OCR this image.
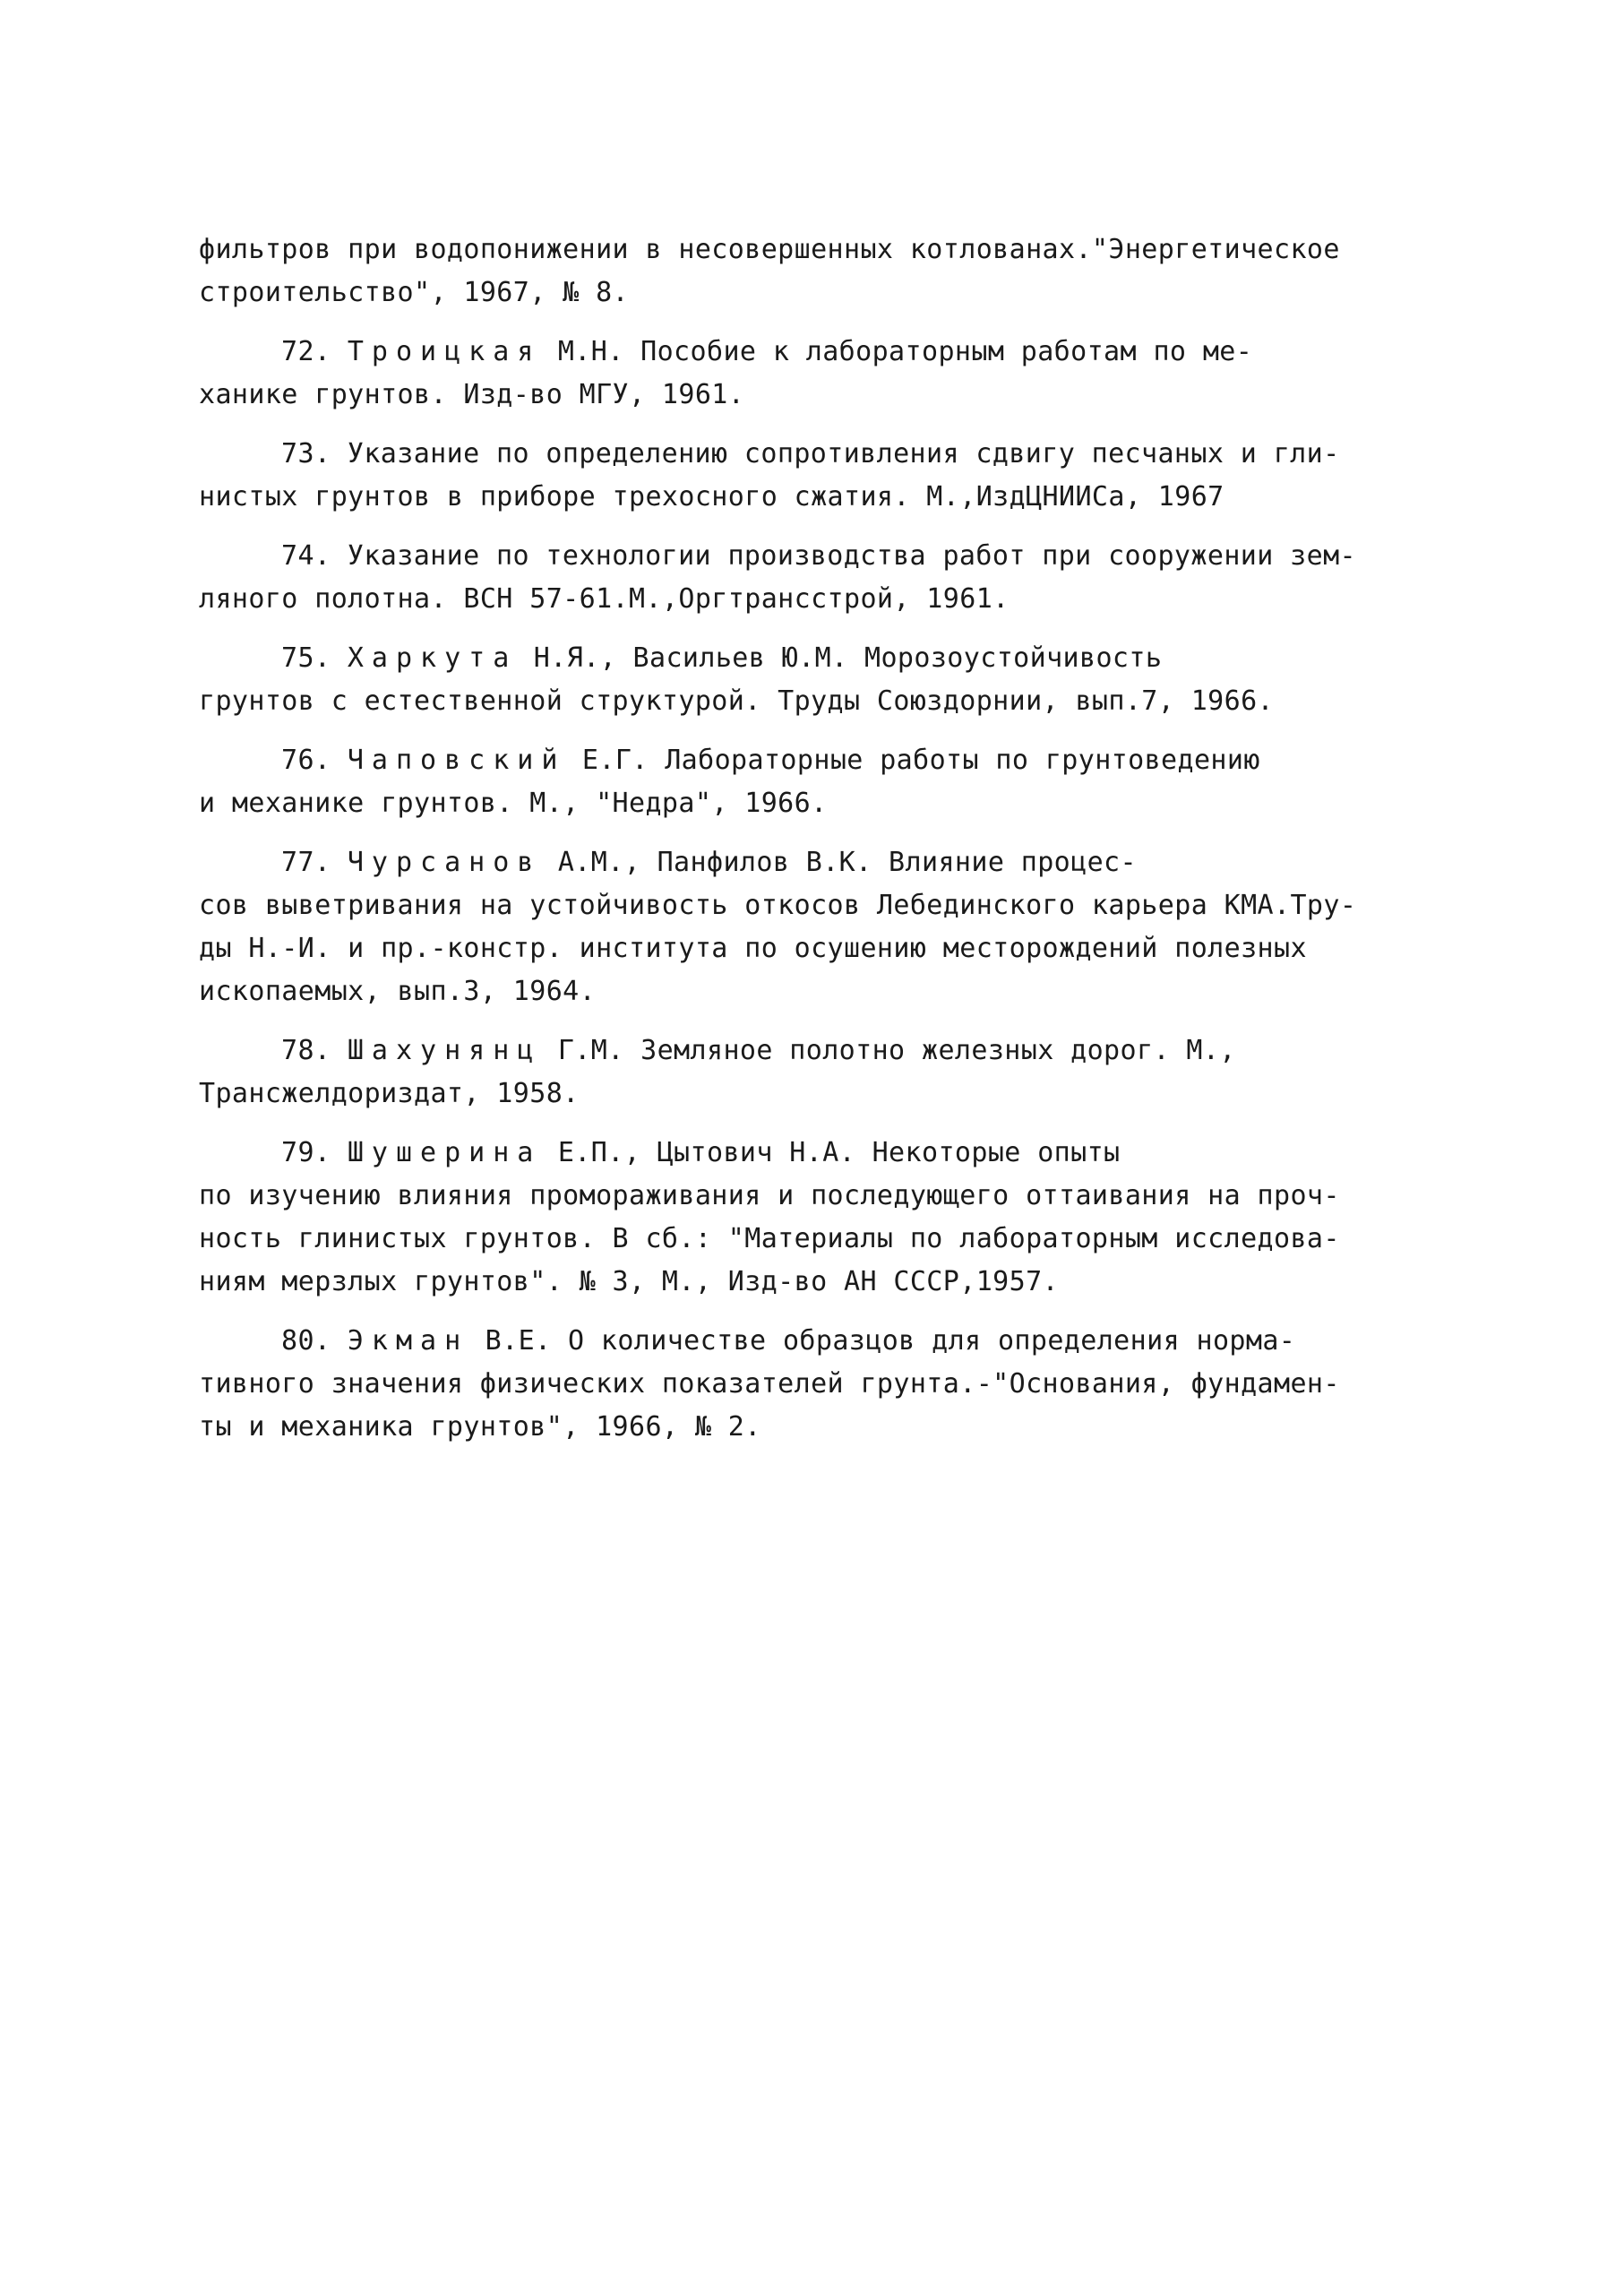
фильтров при водопонижении в несовершенных котлованах."Энергетическое
строительство", 1967, № 8.
72. Троицкая М.Н. Пособие к лабораторным работам по ме-
ханике грунтов. Изд-во МГУ, 1961.
73. Указание по определению сопротивления сдвигу песчаных и гли-
нистых грунтов в приборе трехосного сжатия. М.,ИздЦНИИСа, 1967
74. Указание по технологии производства работ при сооружении зем-
ляного полотна. ВСН 57-61.М.,Оргтрансстрой, 1961.
75. Харкута Н.Я., Васильев Ю.М. Морозоустойчивость
грунтов с естественной структурой. Труды Союздорнии, вып.7, 1966.
76. Чаповский Е.Г. Лабораторные работы по грунтоведению
и механике грунтов. М., "Недра", 1966.
77. Чурсанов А.М., Панфилов В.К. Влияние процес-
сов выветривания на устойчивость откосов Лебединского карьера КМА.Тру-
ды Н.-И. и пр.-констр. института по осушению месторождений полезных
ископаемых, вып.3, 1964.
78. Шахунянц Г.М. Земляное полотно железных дорог. М.,
Трансжелдориздат, 1958.
79. Шушерина Е.П., Цытович Н.А. Некоторые опыты
по изучению влияния промораживания и последующего оттаивания на проч-
ность глинистых грунтов. В сб.: "Материалы по лабораторным исследова-
ниям мерзлых грунтов". № 3, М., Изд-во АН СССР,1957.
80. Экман В.Е. О количестве образцов для определения норма-
тивного значения физических показателей грунта.-"Основания, фундамен-
ты и механика грунтов", 1966, № 2.
